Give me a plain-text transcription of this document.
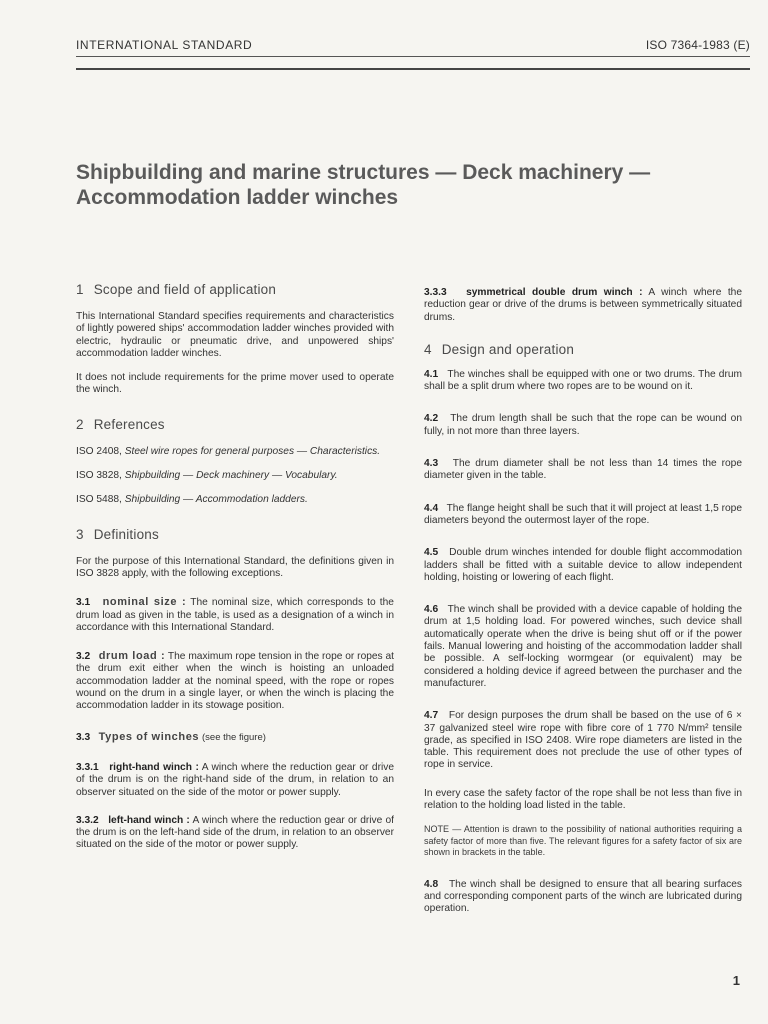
INTERNATIONAL STANDARD	ISO 7364-1983 (E)
Shipbuilding and marine structures — Deck machinery —
Accommodation ladder winches
1 Scope and field of application

This International Standard specifies requirements and characteristics of lightly powered ships' accommodation ladder winches provided with electric, hydraulic or pneumatic drive, and unpowered ships' accommodation ladder winches.

It does not include requirements for the prime mover used to operate the winch.

2 References

ISO 2408, Steel wire ropes for general purposes — Characteristics.

ISO 3828, Shipbuilding — Deck machinery — Vocabulary.

ISO 5488, Shipbuilding — Accommodation ladders.

3 Definitions

For the purpose of this International Standard, the definitions given in ISO 3828 apply, with the following exceptions.

3.1 nominal size : The nominal size, which corresponds to the drum load as given in the table, is used as a designation of a winch in accordance with this International Standard.

3.2 drum load : The maximum rope tension in the rope or ropes at the drum exit either when the winch is hoisting an unloaded accommodation ladder at the nominal speed, with the rope or ropes wound on the drum in a single layer, or when the winch is placing the accommodation ladder in its stowage position.

3.3 Types of winches (see the figure)

3.3.1 right-hand winch : A winch where the reduction gear or drive of the drum is on the right-hand side of the drum, in relation to an observer situated on the side of the motor or power supply.

3.3.2 left-hand winch : A winch where the reduction gear or drive of the drum is on the left-hand side of the drum, in relation to an observer situated on the side of the motor or power supply.

3.3.3 symmetrical double drum winch : A winch where the reduction gear or drive of the drums is between symmetrically situated drums.

4 Design and operation

4.1 The winches shall be equipped with one or two drums. The drum shall be a split drum where two ropes are to be wound on it.

4.2 The drum length shall be such that the rope can be wound on fully, in not more than three layers.

4.3 The drum diameter shall be not less than 14 times the rope diameter given in the table.

4.4 The flange height shall be such that it will project at least 1,5 rope diameters beyond the outermost layer of the rope.

4.5 Double drum winches intended for double flight accommodation ladders shall be fitted with a suitable device to allow independent holding, hoisting or lowering of each flight.

4.6 The winch shall be provided with a device capable of holding the drum at 1,5 holding load. For powered winches, such device shall automatically operate when the drive is being shut off or if the power fails. Manual lowering and hoisting of the accommodation ladder shall be possible. A self-locking wormgear (or equivalent) may be considered a holding device if agreed between the purchaser and the manufacturer.

4.7 For design purposes the drum shall be based on the use of 6 × 37 galvanized steel wire rope with fibre core of 1 770 N/mm² tensile grade, as specified in ISO 2408. Wire rope diameters are listed in the table. This requirement does not preclude the use of other types of rope in service.

In every case the safety factor of the rope shall be not less than five in relation to the holding load listed in the table.

NOTE — Attention is drawn to the possibility of national authorities requiring a safety factor of more than five. The relevant figures for a safety factor of six are shown in brackets in the table.

4.8 The winch shall be designed to ensure that all bearing surfaces and corresponding component parts of the winch are lubricated during operation.

1
